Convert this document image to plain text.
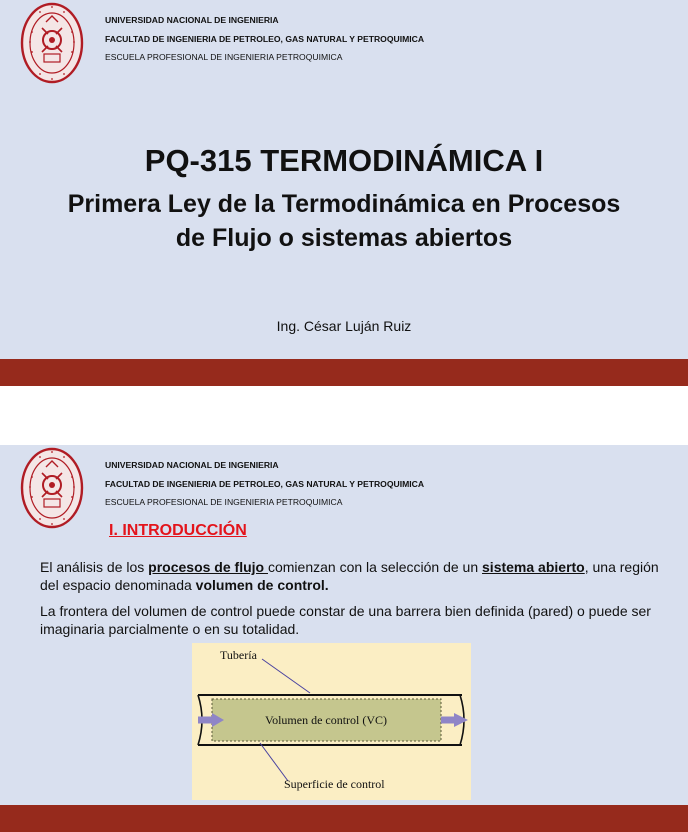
UNIVERSIDAD NACIONAL DE INGENIERIA
FACULTAD DE INGENIERIA DE PETROLEO, GAS NATURAL Y PETROQUIMICA
ESCUELA PROFESIONAL DE INGENIERIA PETROQUIMICA
PQ-315 TERMODINÁMICA I
Primera Ley de la Termodinámica en Procesos
de Flujo o sistemas abiertos
Ing. César Luján Ruiz
UNIVERSIDAD NACIONAL DE INGENIERIA
FACULTAD DE INGENIERIA DE PETROLEO, GAS NATURAL Y PETROQUIMICA
ESCUELA PROFESIONAL DE INGENIERIA PETROQUIMICA
I. INTRODUCCIÓN
El análisis de los procesos de flujo comienzan con la selección de un sistema abierto, una región del espacio denominada volumen de control.
La frontera del volumen de control puede constar de una barrera bien definida (pared) o puede ser imaginaria parcialmente o en su totalidad.
Tubería
Volumen de control (VC)
Superficie de control
